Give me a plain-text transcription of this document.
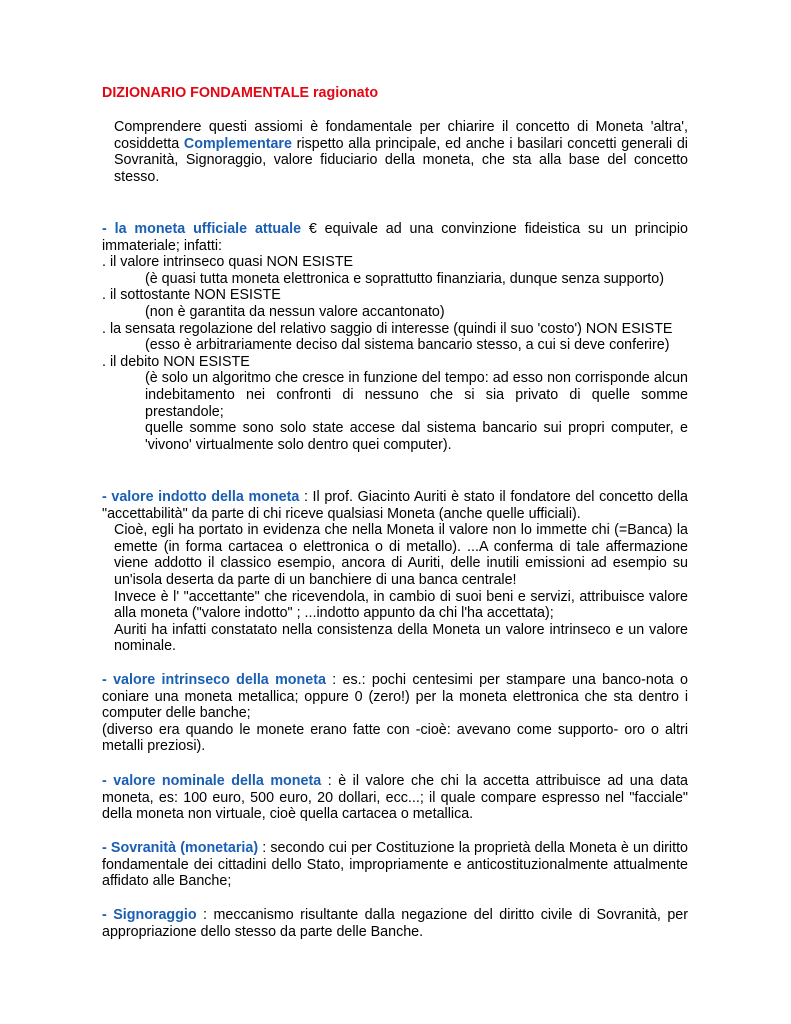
DIZIONARIO FONDAMENTALE ragionato

Comprendere questi assiomi è fondamentale per chiarire il concetto di Moneta 'altra', cosiddetta Complementare rispetto alla principale, ed anche i basilari concetti generali di Sovranità, Signoraggio, valore fiduciario della moneta, che sta alla base del concetto stesso.

- la moneta ufficiale attuale € equivale ad una convinzione fideistica su un principio immateriale; infatti:

. il valore intrinseco quasi NON ESISTE

(è quasi tutta moneta elettronica e soprattutto finanziaria, dunque senza supporto)

. il sottostante NON ESISTE

(non è garantita da nessun valore accantonato)

. la sensata regolazione del relativo saggio di interesse (quindi il suo 'costo') NON ESISTE

(esso è arbitrariamente deciso dal sistema bancario stesso, a cui si deve conferire)

. il debito NON ESISTE

(è solo un algoritmo che cresce in funzione del tempo: ad esso non corrisponde alcun indebitamento nei confronti di nessuno che si sia privato di quelle somme prestandole;

quelle somme sono solo state accese dal sistema bancario sui propri computer, e 'vivono' virtualmente solo dentro quei computer).

- valore indotto della moneta : Il prof. Giacinto Auriti è stato il fondatore del concetto della "accettabilità" da parte di chi riceve qualsiasi Moneta (anche quelle ufficiali).

Cioè, egli ha portato in evidenza che nella Moneta il valore non lo immette chi (=Banca) la emette (in forma cartacea o elettronica o di metallo). ...A conferma di tale affermazione viene addotto il classico esempio, ancora di Auriti, delle inutili emissioni ad esempio su un'isola deserta da parte di un banchiere di una banca centrale!

Invece è l' "accettante" che ricevendola, in cambio di suoi beni e servizi, attribuisce valore alla moneta ("valore indotto" ; ...indotto appunto da chi l'ha accettata);

Auriti ha infatti constatato nella consistenza della Moneta un valore intrinseco e un valore nominale.

- valore intrinseco della moneta : es.: pochi centesimi per stampare una banco-nota o coniare una moneta metallica; oppure 0 (zero!) per la moneta elettronica che sta dentro i computer delle banche;

(diverso era quando le monete erano fatte con -cioè: avevano come supporto- oro o altri metalli preziosi).

- valore nominale della moneta : è il valore che chi la accetta attribuisce ad una data moneta, es: 100 euro, 500 euro, 20 dollari, ecc...; il quale compare espresso nel "facciale" della moneta non virtuale, cioè quella cartacea o metallica.

- Sovranità (monetaria) : secondo cui per Costituzione la proprietà della Moneta è un diritto fondamentale dei cittadini dello Stato, impropriamente e anticostituzionalmente attualmente affidato alle Banche;

- Signoraggio : meccanismo risultante dalla negazione del diritto civile di Sovranità, per appropriazione dello stesso da parte delle Banche.
